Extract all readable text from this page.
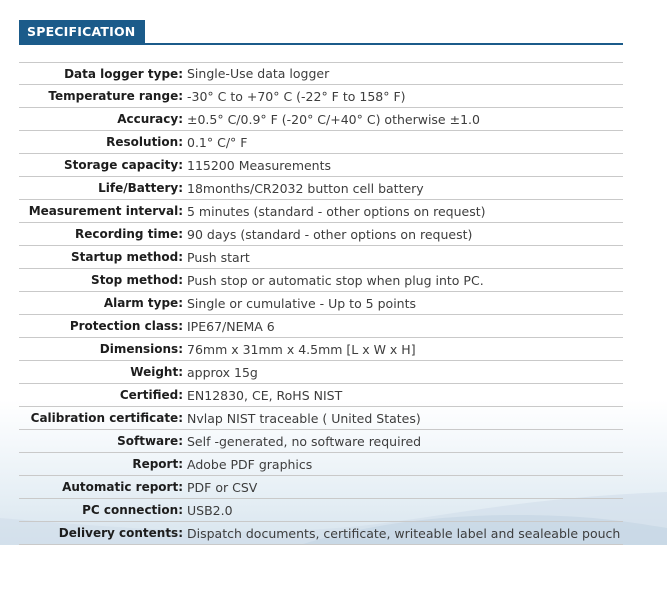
SPECIFICATION
Data logger type: Single-Use data logger
Temperature range: -30° C to +70° C (-22° F to 158° F)
Accuracy: ±0.5° C/0.9° F (-20° C/+40° C) otherwise ±1.0
Resolution: 0.1° C/° F
Storage capacity: 115200 Measurements
Life/Battery: 18months/CR2032 button cell battery
Measurement interval: 5 minutes (standard - other options on request)
Recording time: 90 days (standard - other options on request)
Startup method: Push start
Stop method: Push stop or automatic stop when plug into PC.
Alarm type: Single or cumulative - Up to 5 points
Protection class: IPE67/NEMA 6
Dimensions: 76mm x 31mm x 4.5mm [L x W x H]
Weight: approx 15g
Certified: EN12830, CE, RoHS NIST
Calibration certificate: Nvlap NIST traceable ( United States)
Software: Self -generated, no software required
Report: Adobe PDF graphics
Automatic report: PDF or CSV
PC connection: USB2.0
Delivery contents: Dispatch documents, certificate, writeable label and sealeable pouch
